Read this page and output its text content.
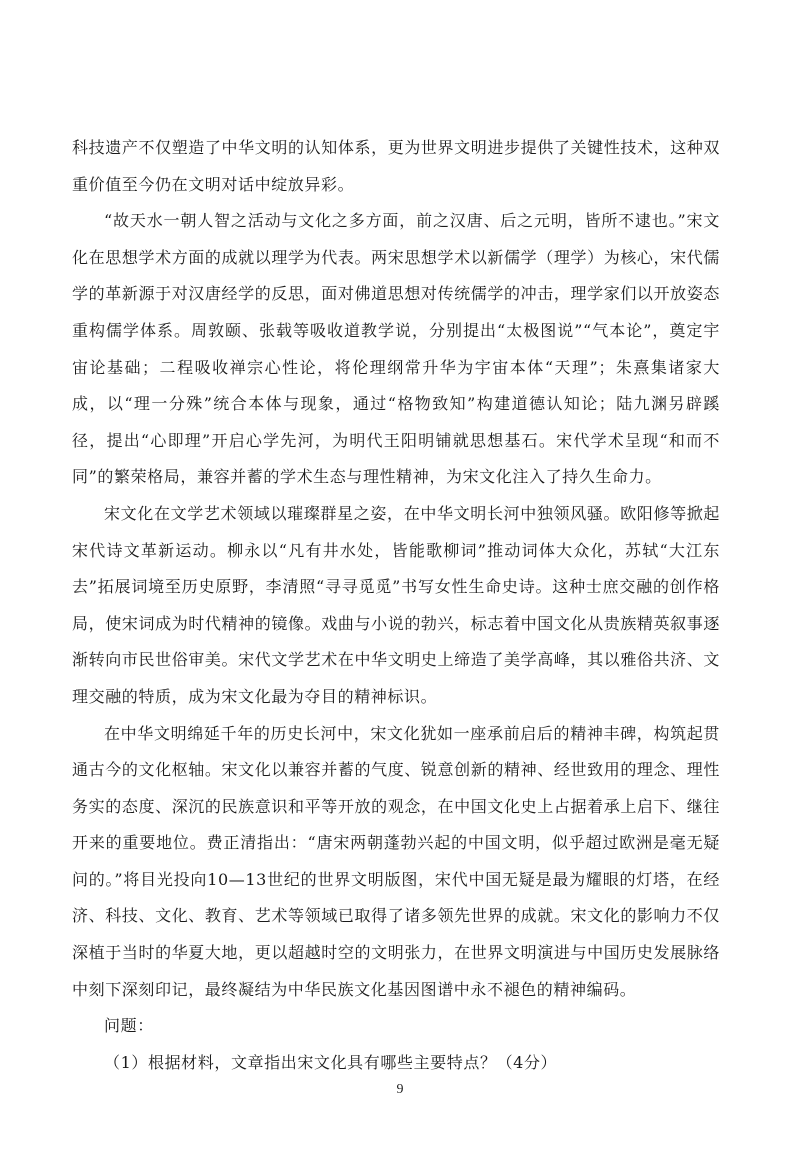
科技遗产不仅塑造了中华文明的认知体系，更为世界文明进步提供了关键性技术，这种双重价值至今仍在文明对话中绽放异彩。

“故天水一朝人智之活动与文化之多方面，前之汉唐、后之元明，皆所不逮也。”宋文化在思想学术方面的成就以理学为代表。两宋思想学术以新儒学（理学）为核心，宋代儒学的革新源于对汉唐经学的反思，面对佛道思想对传统儒学的冲击，理学家们以开放姿态重构儒学体系。周敦颐、张载等吸收道教学说，分别提出“太极图说”“气本论”，奠定宇宙论基础；二程吸收禅宗心性论，将伦理纲常升华为宇宙本体“天理”；朱熹集诸家大成，以“理一分殊”统合本体与现象，通过“格物致知”构建道德认知论；陆九渊另辟蹊径，提出“心即理”开启心学先河，为明代王阳明铺就思想基石。宋代学术呈现“和而不同”的繁荣格局，兼容并蓄的学术生态与理性精神，为宋文化注入了持久生命力。

宋文化在文学艺术领域以璀璨群星之姿，在中华文明长河中独领风骚。欧阳修等掀起宋代诗文革新运动。柳永以“凡有井水处，皆能歌柳词”推动词体大众化，苏轼“大江东去”拓展词境至历史原野，李清照“寻寻觅觅”书写女性生命史诗。这种士庶交融的创作格局，使宋词成为时代精神的镜像。戏曲与小说的勃兴，标志着中国文化从贵族精英叙事逐渐转向市民世俗审美。宋代文学艺术在中华文明史上缔造了美学高峰，其以雅俗共济、文理交融的特质，成为宋文化最为夺目的精神标识。

在中华文明绵延千年的历史长河中，宋文化犹如一座承前启后的精神丰碑，构筑起贯通古今的文化枢轴。宋文化以兼容并蓄的气度、锐意创新的精神、经世致用的理念、理性务实的态度、深沉的民族意识和平等开放的观念，在中国文化史上占据着承上启下、继往开来的重要地位。费正清指出：“唐宋两朝蓬勃兴起的中国文明，似乎超过欧洲是毫无疑问的。”将目光投向10—13世纪的世界文明版图，宋代中国无疑是最为耀眼的灯塔，在经济、科技、文化、教育、艺术等领域已取得了诸多领先世界的成就。宋文化的影响力不仅深植于当时的华夏大地，更以超越时空的文明张力，在世界文明演进与中国历史发展脉络中刻下深刻印记，最终凝结为中华民族文化基因图谱中永不褪色的精神编码。

问题：

（1）根据材料，文章指出宋文化具有哪些主要特点？（4分）

9
